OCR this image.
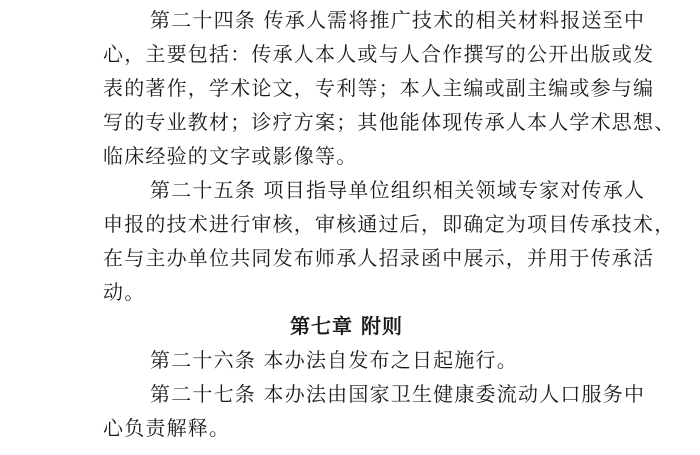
第二十四条 传承人需将推广技术的相关材料报送至中
心，主要包括：传承人本人或与人合作撰写的公开出版或发
表的著作，学术论文，专利等；本人主编或副主编或参与编
写的专业教材；诊疗方案；其他能体现传承人本人学术思想、
临床经验的文字或影像等。
第二十五条 项目指导单位组织相关领域专家对传承人
申报的技术进行审核，审核通过后，即确定为项目传承技术，
在与主办单位共同发布师承人招录函中展示，并用于传承活
动。
第七章 附则
第二十六条 本办法自发布之日起施行。
第二十七条 本办法由国家卫生健康委流动人口服务中
心负责解释。
